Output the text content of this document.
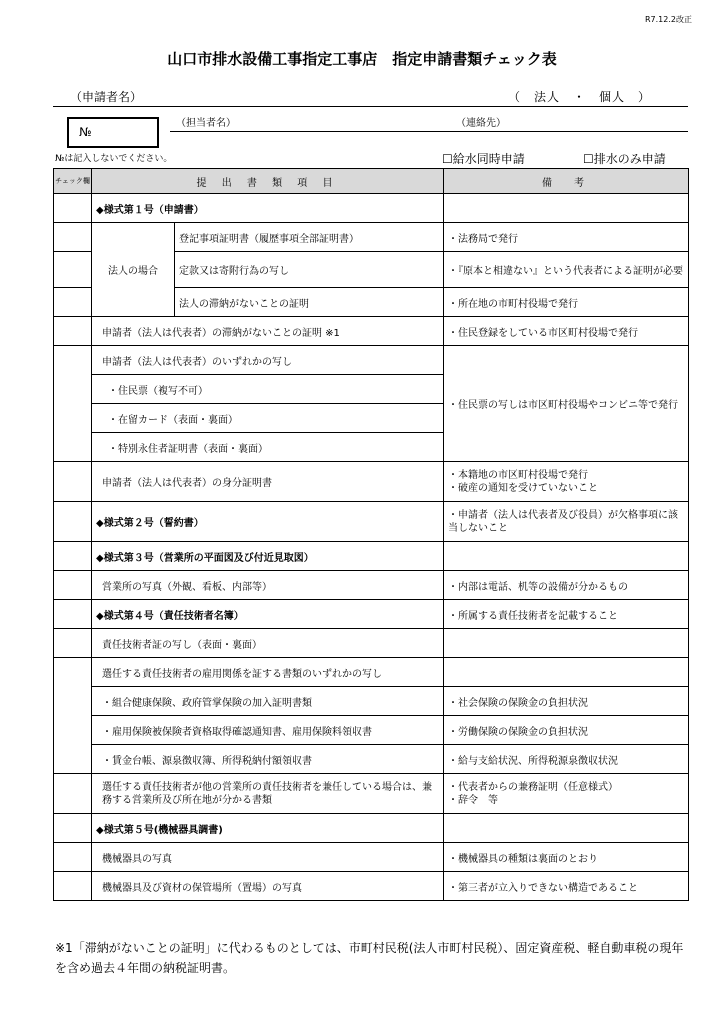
R7.12.2改正
山口市排水設備工事指定工事店　指定申請書類チェック表
（申請者名）	（　法人　・　個人　）
№
№は記入しないでください。
（担当者名）	（連絡先）
☐給水同時申請	☐排水のみ申請
チェック欄	提 出 書 類 項 目		備　考
	◆様式第１号（申請書）		
	法人の場合	登記事項証明書（履歴事項全部証明書）	・法務局で発行
		定款又は寄附行為の写し	・『原本と相違ない』という代表者による証明が必要
		法人の滞納がないことの証明	・所在地の市町村役場で発行
	申請者（法人は代表者）の滞納がないことの証明 ※1		・住民登録をしている市区町村役場で発行
	申請者（法人は代表者）のいずれかの写し		・住民票の写しは市区町村役場やコンビニ等で発行
	・住民票（複写不可）		
	・在留カード（表面・裏面）		
	・特別永住者証明書（表面・裏面）		
	申請者（法人は代表者）の身分証明書		・本籍地の市区町村役場で発行
・破産の通知を受けていないこと
	◆様式第２号（誓約書）		・申請者（法人は代表者及び役員）が欠格事項に該当しないこと
	◆様式第３号（営業所の平面図及び付近見取図）		
	営業所の写真（外観、看板、内部等）		・内部は電話、机等の設備が分かるもの
	◆様式第４号（責任技術者名簿）		・所属する責任技術者を記載すること
	責任技術者証の写し（表面・裏面）		
	選任する責任技術者の雇用関係を証する書類のいずれかの写し		
	・組合健康保険、政府管掌保険の加入証明書類		・社会保険の保険金の負担状況
	・雇用保険被保険者資格取得確認通知書、雇用保険料領収書		・労働保険の保険金の負担状況
	・賃金台帳、源泉徴収簿、所得税納付額領収書		・給与支給状況、所得税源泉徴収状況
	選任する責任技術者が他の営業所の責任技術者を兼任している場合は、兼務する営業所及び所在地が分かる書類		・代表者からの兼務証明（任意様式）
・辞令　等
	◆様式第５号(機械器具調書)		
	機械器具の写真		・機械器具の種類は裏面のとおり
	機械器具及び資材の保管場所（置場）の写真		・第三者が立入りできない構造であること
※1「滞納がないことの証明」に代わるものとしては、市町村民税(法人市町村民税）、固定資産税、軽自動車税の現年を含め過去４年間の納税証明書。
